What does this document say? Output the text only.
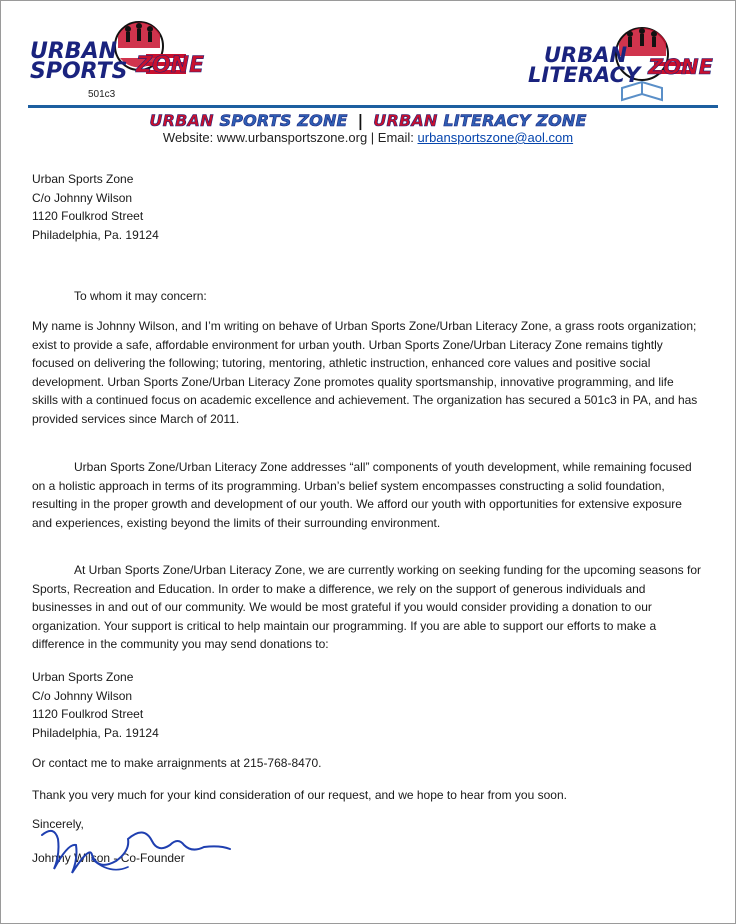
URBAN
SPORTS ZONE
501c3
URBAN
LITERACY ZONE
URBAN SPORTS ZONE | URBAN LITERACY ZONE
Website: www.urbansportszone.org | Email: urbansportszone@aol.com
Urban Sports Zone
C/o Johnny Wilson
1120 Foulkrod Street
Philadelphia, Pa. 19124
To whom it may concern:
My name is Johnny Wilson, and I’m writing on behave of Urban Sports Zone/Urban Literacy Zone, a grass roots organization; exist to provide a safe, affordable environment for urban youth. Urban Sports Zone/Urban Literacy Zone remains tightly focused on delivering the following; tutoring, mentoring, athletic instruction, enhanced core values and positive social development. Urban Sports Zone/Urban Literacy Zone promotes quality sportsmanship, innovative programming, and life skills with a continued focus on academic excellence and achievement. The organization has secured a 501c3 in PA, and has provided services since March of 2011.
Urban Sports Zone/Urban Literacy Zone addresses “all” components of youth development, while remaining focused on a holistic approach in terms of its programming. Urban’s belief system encompasses constructing a solid foundation, resulting in the proper growth and development of our youth. We afford our youth with opportunities for extensive exposure and experiences, existing beyond the limits of their surrounding environment.
At Urban Sports Zone/Urban Literacy Zone, we are currently working on seeking funding for the upcoming seasons for Sports, Recreation and Education. In order to make a difference, we rely on the support of generous individuals and businesses in and out of our community. We would be most grateful if you would consider providing a donation to our organization. Your support is critical to help maintain our programming. If you are able to support our efforts to make a difference in the community you may send donations to:
Urban Sports Zone
C/o Johnny Wilson
1120 Foulkrod Street
Philadelphia, Pa. 19124
Or contact me to make arraignments at 215-768-8470.
Thank you very much for your kind consideration of our request, and we hope to hear from you soon.
Sincerely,
Johnny Wilson - Co-Founder
